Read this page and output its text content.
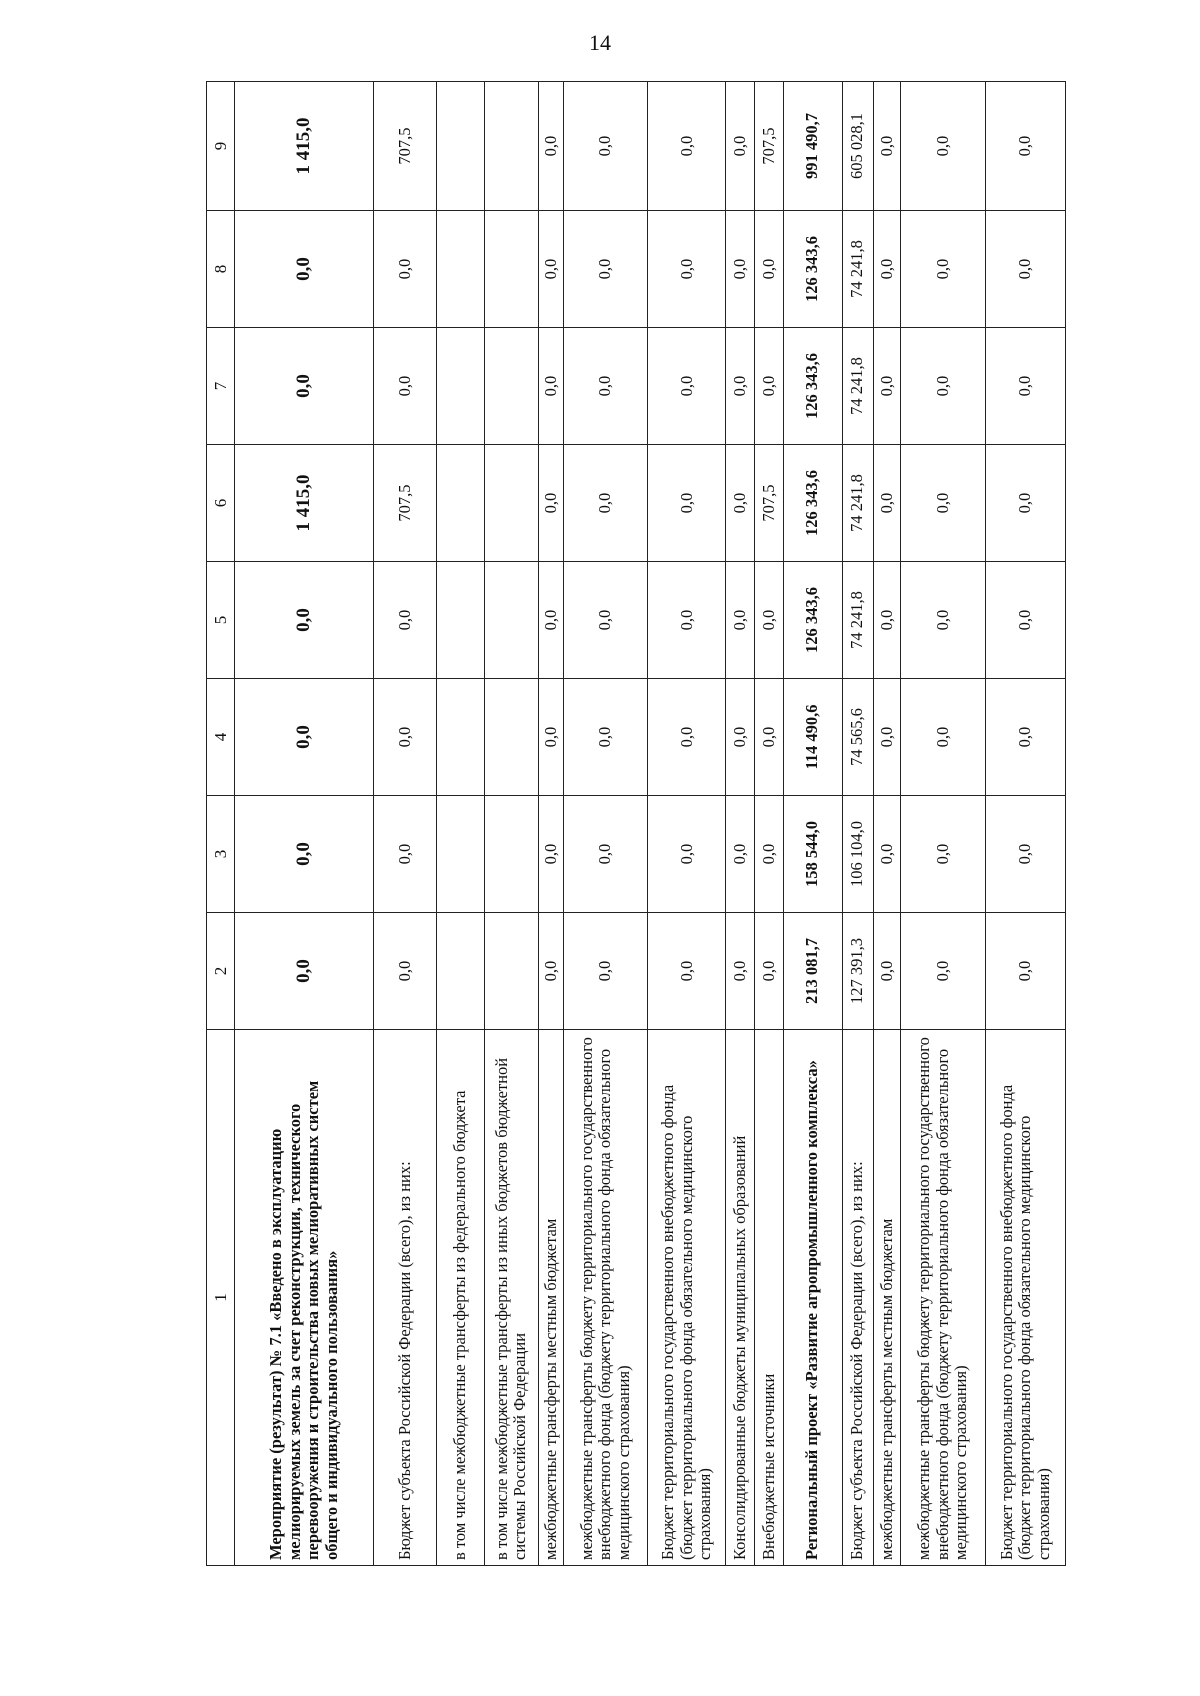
14
1	2	3	4	5	6	7	8	9
Мероприятие (результат) № 7.1 «Введено в эксплуатацию мелиорируемых земель за счет реконструкции, технического перевооружения и строительства новых мелиоративных систем общего и индивидуального пользования»	0,0	0,0	0,0	0,0	1 415,0	0,0	0,0	1 415,0
Бюджет субъекта Российской Федерации (всего), из них:	0,0	0,0	0,0	0,0	707,5	0,0	0,0	707,5
в том числе межбюджетные трансферты из федерального бюджета								
в том числе межбюджетные трансферты из иных бюджетов бюджетной системы Российской Федерации								
межбюджетные трансферты местным бюджетам	0,0	0,0	0,0	0,0	0,0	0,0	0,0	0,0
межбюджетные трансферты бюджету территориального государственного внебюджетного фонда (бюджету территориального фонда обязательного медицинского страхования)	0,0	0,0	0,0	0,0	0,0	0,0	0,0	0,0
Бюджет территориального государственного внебюджетного фонда (бюджет территориального фонда обязательного медицинского страхования)	0,0	0,0	0,0	0,0	0,0	0,0	0,0	0,0
Консолидированные бюджеты муниципальных образований	0,0	0,0	0,0	0,0	0,0	0,0	0,0	0,0
Внебюджетные источники	0,0	0,0	0,0	0,0	707,5	0,0	0,0	707,5
Региональный проект «Развитие агропромышленного комплекса»	213 081,7	158 544,0	114 490,6	126 343,6	126 343,6	126 343,6	126 343,6	991 490,7
Бюджет субъекта Российской Федерации (всего), из них:	127 391,3	106 104,0	74 565,6	74 241,8	74 241,8	74 241,8	74 241,8	605 028,1
межбюджетные трансферты местным бюджетам	0,0	0,0	0,0	0,0	0,0	0,0	0,0	0,0
межбюджетные трансферты бюджету территориального государственного внебюджетного фонда (бюджету территориального фонда обязательного медицинского страхования)	0,0	0,0	0,0	0,0	0,0	0,0	0,0	0,0
Бюджет территориального государственного внебюджетного фонда (бюджет территориального фонда обязательного медицинского страхования)	0,0	0,0	0,0	0,0	0,0	0,0	0,0	0,0
